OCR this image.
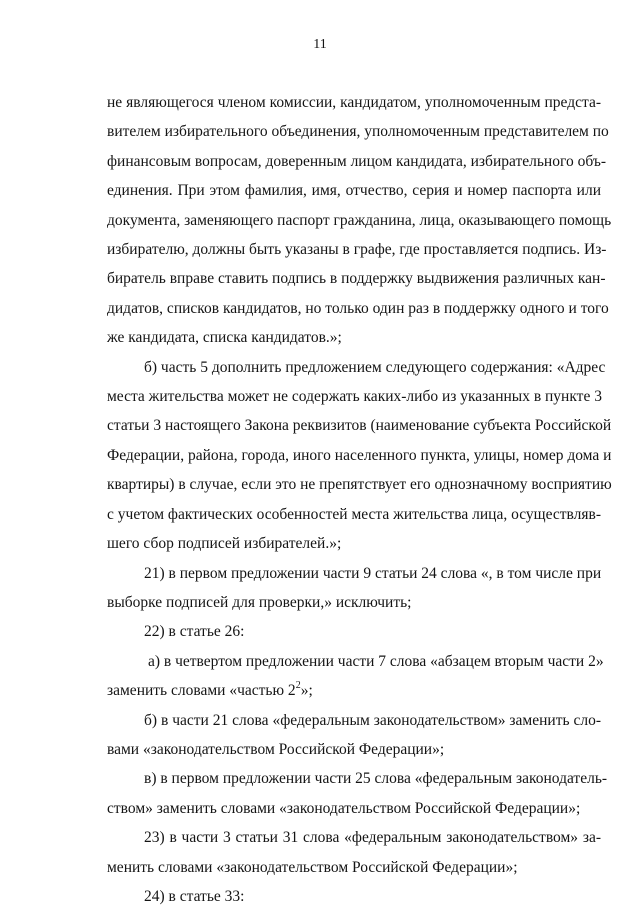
11
не являющегося членом комиссии, кандидатом, уполномоченным предста-
вителем избирательного объединения, уполномоченным представителем по
финансовым вопросам, доверенным лицом кандидата, избирательного объ-
единения. При этом фамилия, имя, отчество, серия и номер паспорта или
документа, заменяющего паспорт гражданина, лица, оказывающего помощь
избирателю, должны быть указаны в графе, где проставляется подпись. Из-
биратель вправе ставить подпись в поддержку выдвижения различных кан-
дидатов, списков кандидатов, но только один раз в поддержку одного и того
же кандидата, списка кандидатов.»;
б) часть 5 дополнить предложением следующего содержания: «Адрес
места жительства может не содержать каких-либо из указанных в пункте 3
статьи 3 настоящего Закона реквизитов (наименование субъекта Российской
Федерации, района, города, иного населенного пункта, улицы, номер дома и
квартиры) в случае, если это не препятствует его однозначному восприятию
с учетом фактических особенностей места жительства лица, осуществляв-
шего сбор подписей избирателей.»;
21) в первом предложении части 9 статьи 24 слова «, в том числе при
выборке подписей для проверки,» исключить;
22) в статье 26:
а) в четвертом предложении части 7 слова «абзацем вторым части 2»
заменить словами «частью $2^2$»;
б) в части 21 слова «федеральным законодательством» заменить сло-
вами «законодательством Российской Федерации»;
в) в первом предложении части 25 слова «федеральным законодатель-
ством» заменить словами «законодательством Российской Федерации»;
23) в части 3 статьи 31 слова «федеральным законодательством» за-
менить словами «законодательством Российской Федерации»;
24) в статье 33:
